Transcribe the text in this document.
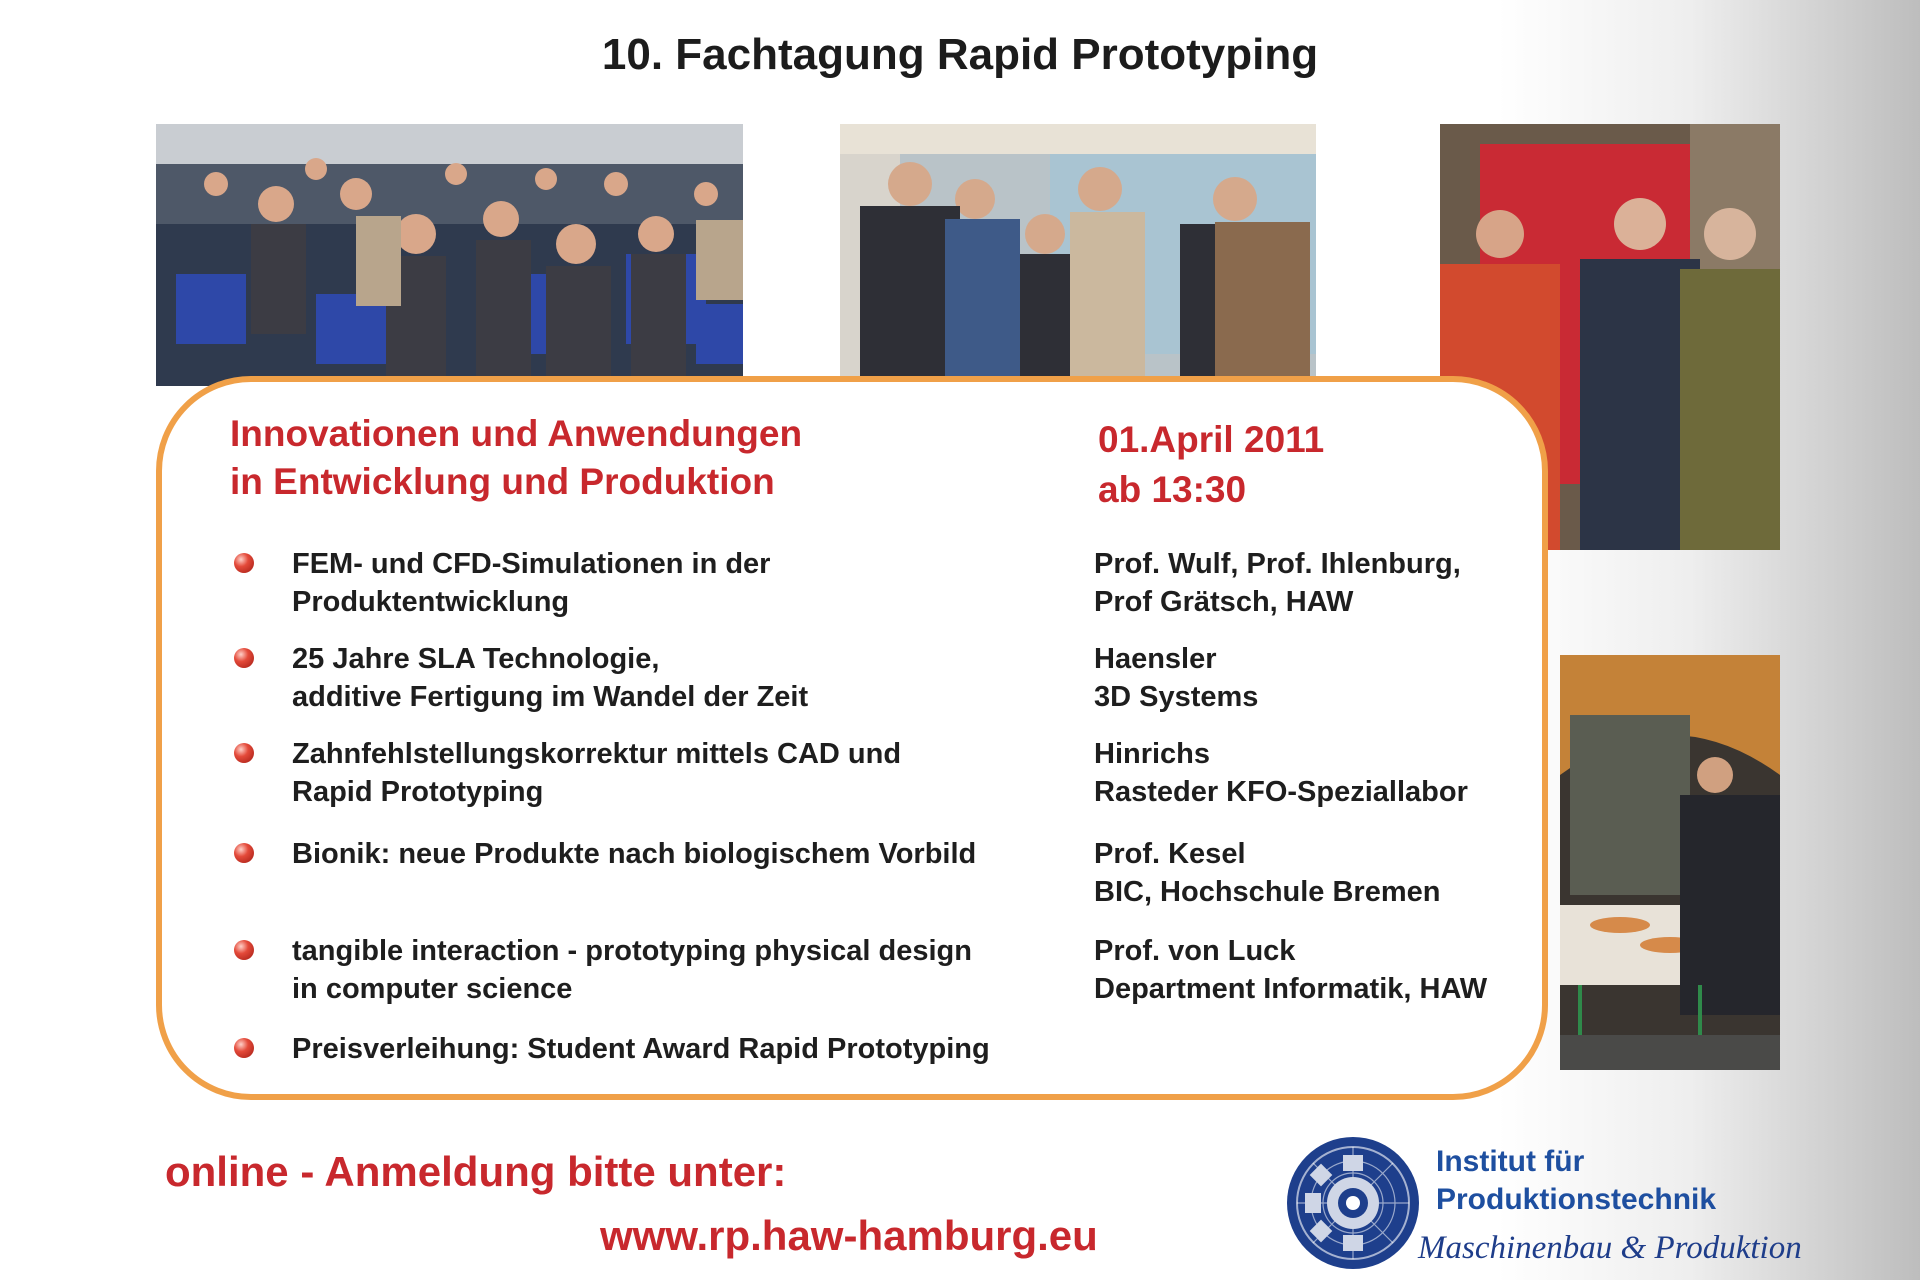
10. Fachtagung Rapid Prototyping
Innovationen und Anwendungen
in Entwicklung und Produktion
01.April 2011
ab 13:30
FEM- und CFD-Simulationen in der
Produktentwicklung
Prof. Wulf, Prof. Ihlenburg,
Prof Grätsch, HAW
25 Jahre SLA Technologie,
additive Fertigung im Wandel der Zeit
Haensler
3D Systems
Zahnfehlstellungskorrektur mittels CAD und
Rapid Prototyping
Hinrichs
Rasteder KFO-Speziallabor
Bionik: neue Produkte nach biologischem Vorbild	Prof. Kesel
BIC, Hochschule Bremen
tangible interaction - prototyping physical design
in computer science
Prof. von Luck
Department Informatik, HAW
Preisverleihung: Student Award Rapid Prototyping
online - Anmeldung bitte unter:
www.rp.haw-hamburg.eu
Institut für
Produktionstechnik
Maschinenbau & Produktion
